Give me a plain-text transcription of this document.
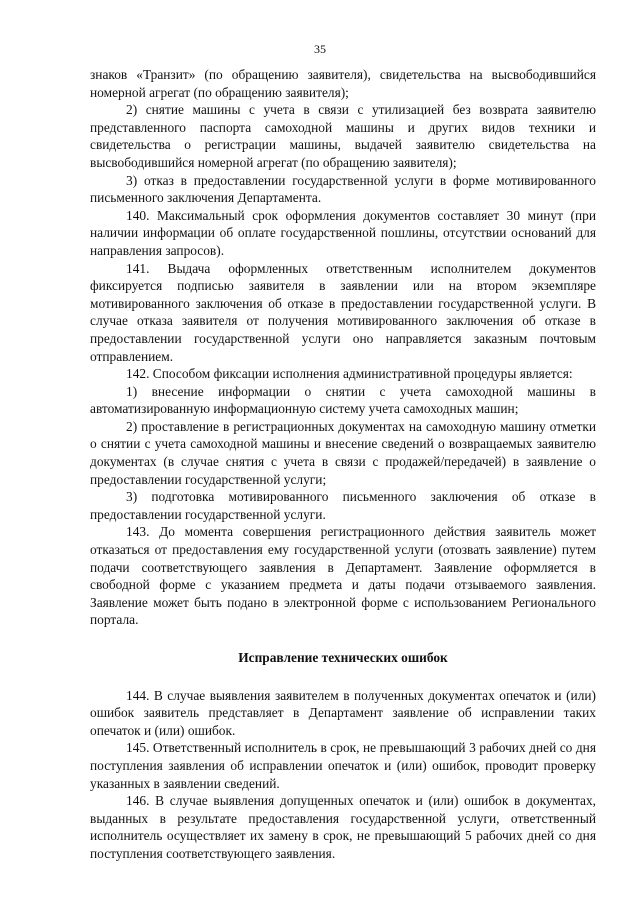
35

знаков «Транзит» (по обращению заявителя), свидетельства на высвободившийся номерной агрегат (по обращению заявителя);

2) снятие машины с учета в связи с утилизацией без возврата заявителю представленного паспорта самоходной машины и других видов техники и свидетельства о регистрации машины, выдачей заявителю свидетельства на высвободившийся номерной агрегат (по обращению заявителя);

3) отказ в предоставлении государственной услуги в форме мотивированного письменного заключения Департамента.

140. Максимальный срок оформления документов составляет 30 минут (при наличии информации об оплате государственной пошлины, отсутствии оснований для направления запросов).

141. Выдача оформленных ответственным исполнителем документов фиксируется подписью заявителя в заявлении или на втором экземпляре мотивированного заключения об отказе в предоставлении государственной услуги. В случае отказа заявителя от получения мотивированного заключения об отказе в предоставлении государственной услуги оно направляется заказным почтовым отправлением.

142. Способом фиксации исполнения административной процедуры является:

1) внесение информации о снятии с учета самоходной машины в автоматизированную информационную систему учета самоходных машин;

2) проставление в регистрационных документах на самоходную машину отметки о снятии с учета самоходной машины и внесение сведений о возвращаемых заявителю документах (в случае снятия с учета в связи с продажей/передачей) в заявление о предоставлении государственной услуги;

3) подготовка мотивированного письменного заключения об отказе в предоставлении государственной услуги.

143. До момента совершения регистрационного действия заявитель может отказаться от предоставления ему государственной услуги (отозвать заявление) путем подачи соответствующего заявления в Департамент. Заявление оформляется в свободной форме с указанием предмета и даты подачи отзываемого заявления. Заявление может быть подано в электронной форме с использованием Регионального портала.

Исправление технических ошибок

144. В случае выявления заявителем в полученных документах опечаток и (или) ошибок заявитель представляет в Департамент заявление об исправлении таких опечаток и (или) ошибок.

145. Ответственный исполнитель в срок, не превышающий 3 рабочих дней со дня поступления заявления об исправлении опечаток и (или) ошибок, проводит проверку указанных в заявлении сведений.

146. В случае выявления допущенных опечаток и (или) ошибок в документах, выданных в результате предоставления государственной услуги, ответственный исполнитель осуществляет их замену в срок, не превышающий 5 рабочих дней со дня поступления соответствующего заявления.
